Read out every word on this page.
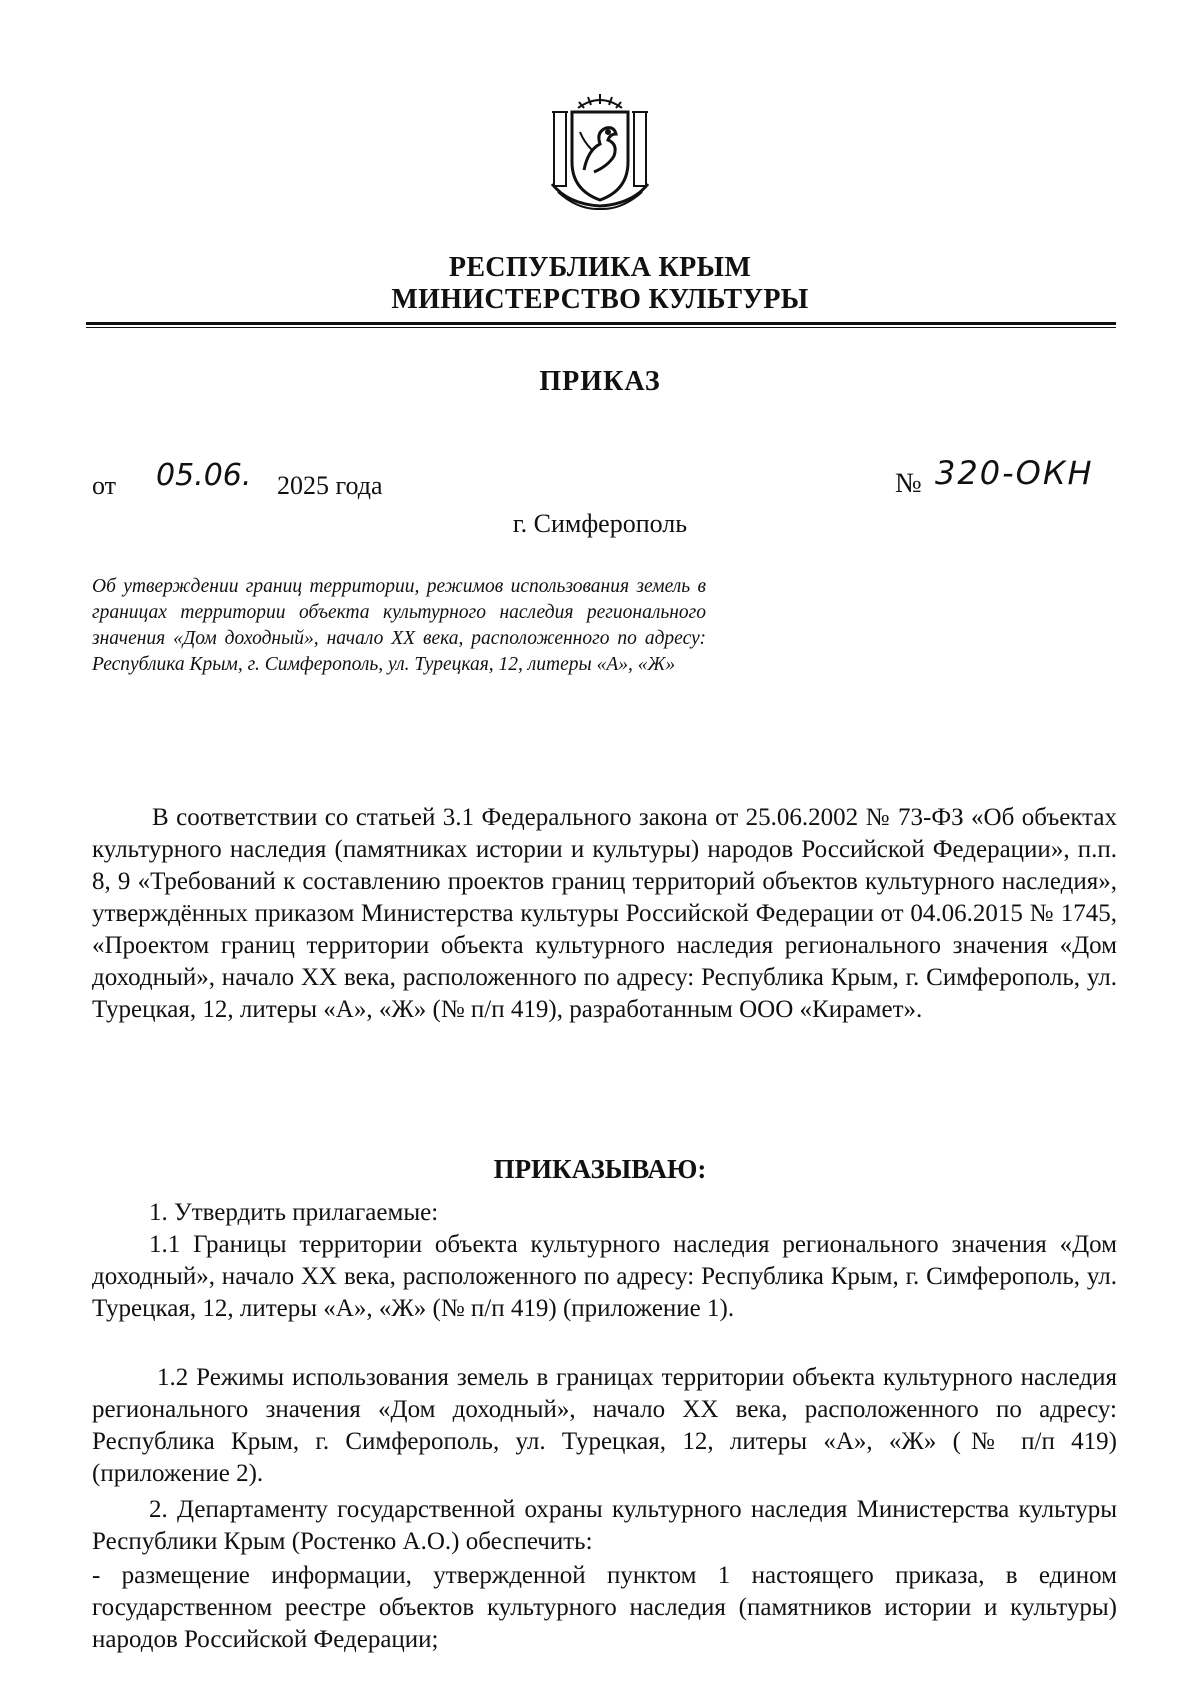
РЕСПУБЛИКА КРЫМ
МИНИСТЕРСТВО КУЛЬТУРЫ
ПРИКАЗ
от 05.06. 2025 года	№ 320-ОКН
г. Симферополь
Об утверждении границ территории, режимов использования земель в границах территории объекта культурного наследия регионального значения «Дом доходный», начало XX века, расположенного по адресу: Республика Крым, г. Симферополь, ул. Турецкая, 12, литеры «А», «Ж»
В соответствии со статьей 3.1 Федерального закона от 25.06.2002 № 73-ФЗ «Об объектах культурного наследия (памятниках истории и культуры) народов Российской Федерации», п.п. 8, 9 «Требований к составлению проектов границ территорий объектов культурного наследия», утверждённых приказом Министерства культуры Российской Федерации от 04.06.2015 № 1745, «Проектом границ территории объекта культурного наследия регионального значения «Дом доходный», начало XX века, расположенного по адресу: Республика Крым, г. Симферополь, ул. Турецкая, 12, литеры «А», «Ж» (№ п/п 419), разработанным ООО «Кирамет».
ПРИКАЗЫВАЮ:
1. Утвердить прилагаемые:
1.1 Границы территории объекта культурного наследия регионального значения «Дом доходный», начало XX века, расположенного по адресу: Республика Крым, г. Симферополь, ул. Турецкая, 12, литеры «А», «Ж» (№ п/п 419) (приложение 1).
1.2 Режимы использования земель в границах территории объекта культурного наследия регионального значения «Дом доходный», начало XX века, расположенного по адресу: Республика Крым, г. Симферополь, ул. Турецкая, 12, литеры «А», «Ж» (№ п/п 419) (приложение 2).
2. Департаменту государственной охраны культурного наследия Министерства культуры Республики Крым (Ростенко А.О.) обеспечить:
- размещение информации, утвержденной пунктом 1 настоящего приказа, в едином государственном реестре объектов культурного наследия (памятников истории и культуры) народов Российской Федерации;
